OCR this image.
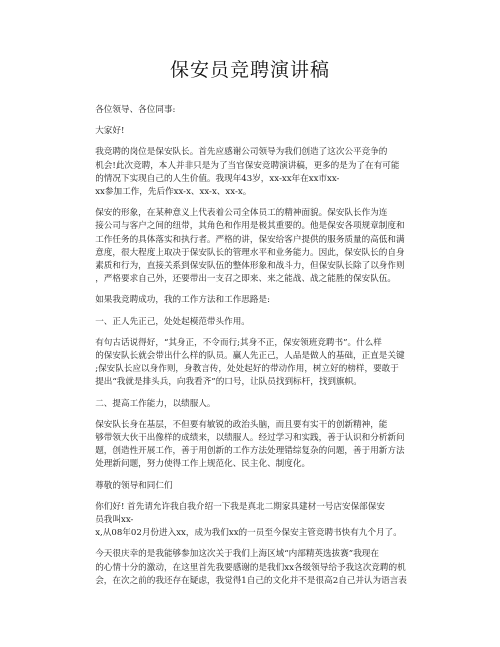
保安员竞聘演讲稿

各位领导、各位同事:

大家好!

我竞聘的岗位是保安队长。首先应感谢公司领导为我们创造了这次公平竞争的
机会!此次竞聘，本人并非只是为了当官保安竞聘演讲稿，更多的是为了在有可能
的情况下实现自己的人生价值。我现年43岁，xx-xx年在xx市xx-
xx参加工作，先后作xx-x、xx-x、xx-x。

保安的形象，在某种意义上代表着公司全体员工的精神面貌。保安队长作为连
接公司与客户之间的纽带，其角色和作用是极其重要的。他是保安各项规章制度和
工作任务的具体落实和执行者。严格的讲，保安给客户提供的服务质量的高低和满
意度，很大程度上取决于保安队长的管理水平和业务能力。因此，保安队长的自身
素质和行为，直接关系到保安队伍的整体形象和战斗力，但保安队长除了以身作则
，严格要求自己外，还要带出一支召之即来、来之能战、战之能胜的保安队伍。

如果我竞聘成功，我的工作方法和工作思路是:

一、正人先正己，处处起模范带头作用。

有句古话说得好，“其身正，不令而行;其身不正，保安领班竞聘书”。什么样
的保安队长就会带出什么样的队员。赢人先正己，人品是做人的基础，正直是关键
;保安队长应以身作则，身教言传，处处起好的带动作用，树立好的榜样，要敢于
提出“我就是排头兵，向我看齐”的口号，让队员找到标杆，找到旗帜。

二、提高工作能力，以绩服人。

保安队长身在基层，不但要有敏锐的政治头脑，而且要有实干的创新精神，能
够带领大伙干出像样的成绩来，以绩服人。经过学习和实践，善于认识和分析新问
题，创造性开展工作，善于用创新的工作方法处理错综复杂的问题，善于用新方法
处理新问题，努力使得工作上规范化、民主化、制度化。

尊敬的领导和同仁们

你们好! 首先请允许我自我介绍一下我是真北二期家具建材一号店安保部保安
员我叫xx-
x,从08年02月份进入xx，成为我们xx的一员至今保安主管竞聘书快有九个月了。

今天很庆幸的是我能够参加这次关于我们上海区域“内部精英选拔赛”我现在
的心情十分的激动，在这里首先我要感谢的是我们xx各级领导给予我这次竞聘的机
会，在次之前的我还存在疑虑，我觉得1自己的文化并不是很高2自己并认为语言表
